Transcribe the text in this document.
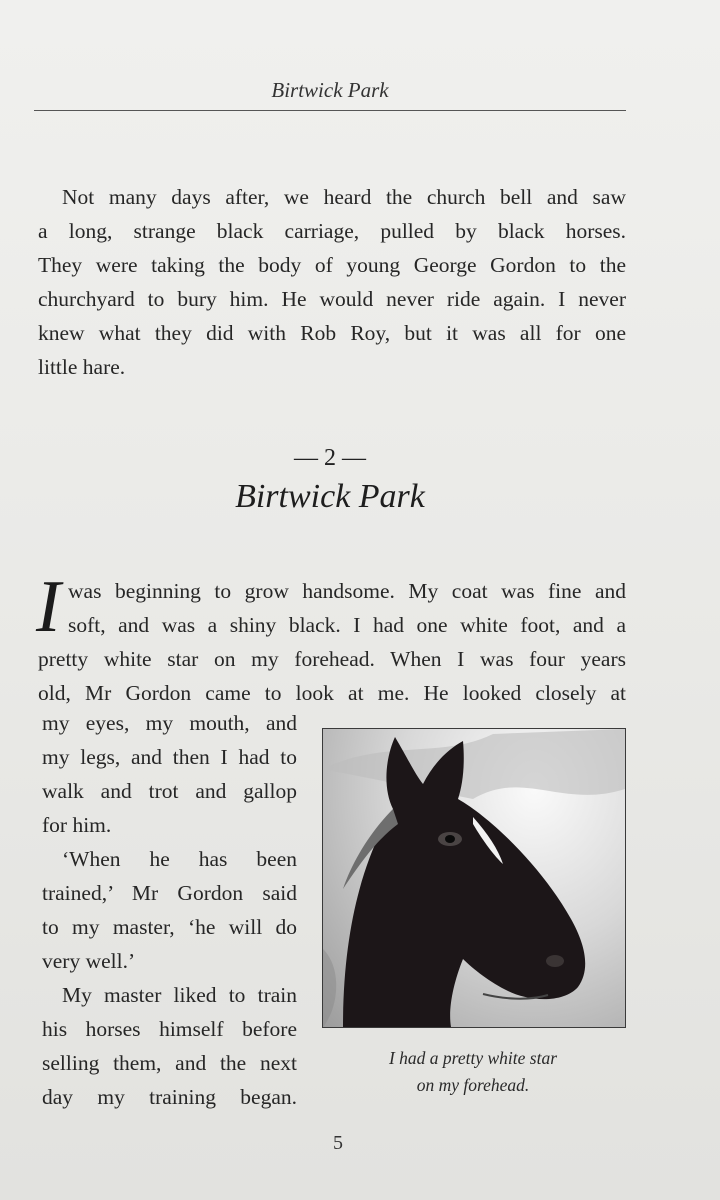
Birtwick Park
Not many days after, we heard the church bell and saw
a long, strange black carriage, pulled by black horses.
They were taking the body of young George Gordon to the
churchyard to bury him. He would never ride again. I never
knew what they did with Rob Roy, but it was all for one
little hare.
— 2 —
Birtwick Park
I was beginning to grow handsome. My coat was fine and
soft, and was a shiny black. I had one white foot, and a
pretty white star on my forehead. When I was four years
old, Mr Gordon came to look at me. He looked closely at
my eyes, my mouth, and
my legs, and then I had to
walk and trot and gallop
for him.
‘When he has been
trained,’ Mr Gordon said
to my master, ‘he will do
very well.’
My master liked to train
his horses himself before
selling them, and the next
day my training began.
I had a pretty white star
on my forehead.
5
